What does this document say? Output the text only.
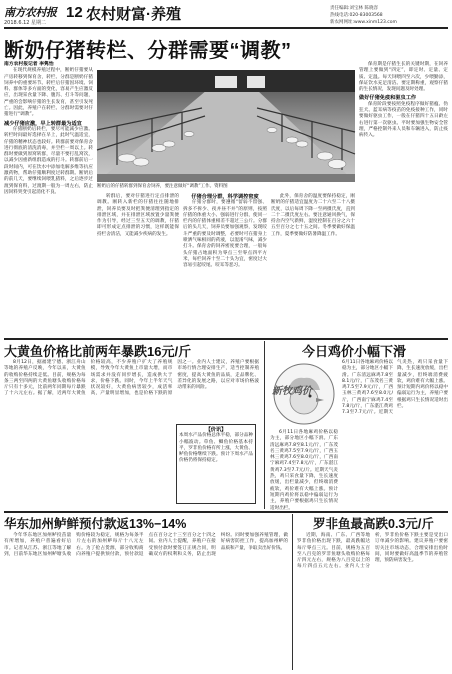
南方农村报 12 农村财富·养殖
2018.6.12 星期二
责任编辑:刘宝林 陈晓容
热线电话:020-83003568
新农网网址:www.xinm123.com
断奶仔猪转栏、分群需要“调教”
南方农村报记者 李隽怡
在现代规模养殖过程中，断奶仔猪要从产房转移到保育舍，转栏、分群是断奶仔猪饲养中的重要环节。转栏后仔猪因环境、饲料、群体等多方面的变化，容易产生应激反应，出现采食量下降、腹泻、打斗等问题，严重的会影响仔猪的生长发育，甚至引发死亡。因此，养殖户在转栏、分群时需要对仔猪进行“调教”。
减少仔猪应激，早上转群最为适宜
仔猪断奶后转栏，要尽可能减少应激。转栏时间最好选择在早上，此时气温适宜，仔猪的精神状态也较好。转群前要对保育舍进行彻底的清洗消毒，并空栏一周以上。转群时要做到原窝转群，尽量不要打乱窝次，以减少因重新组群造成的打斗。转群前后一段时间内，可在饮水中添加电解多维等抗应激药物，帮助仔猪顺利度过转群期。断奶后的前几天，要继续饲喂乳猪料，之后逐步过渡到保育料，过渡期一般为一周左右，防止因饲料突变引起消化不良。
断奶后的仔猪转群到保育舍饲养，要注意做好“调教”工作。资料图
转群后，要对仔猪进行定点排泄的调教。刚转入新栏的仔猪往往随地排泄，饲养员要及时把粪便清理到指定的排泄区域，并在排泄区域放置少量粪便作为引导，经过三至五天的调教，仔猪即可形成定点排泄的习惯，这样既能保持栏舍清洁，又能减少疾病的发生。
仔猪合理分群，科学调控密度
仔猪分群时，要遵循“留弱不留强、拆多不拆少、夜并昼不并”的原则，按照仔猪的体重大小、强弱进行分群，使同一栏内的仔猪体重相差不超过三公斤。分群后的头几天，饲养员要加强观察，发现咬斗严重的要及时调整，必要时可在猪身上喷洒气味相同的药液，以混淆气味，减少打斗。保育舍的饲养密度要合理，一般每头仔猪占地面积为零点三至零点四平方米，每栏饲养十至二十头为宜，密度过大容易引起咬尾、咬耳等恶习。
此外，保育舍的温度要保持稳定，刚断奶的仔猪适宜温度为二十六至二十八摄氏度，以后每周下降一至两摄氏度，直到二十二摄氏度左右。要注意通风换气，保持舍内空气新鲜，湿度控制在百分之六十五至百分之七十五之间。冬季要做好保温工作，夏季要做好防暑降温工作。
保育期是仔猪生长的关键时期，在饲养管理上要做到“四定”，即定时、定量、定质、定温。每天饲喂四至六次，少喂勤添，保证饮水充足清洁。要定期称重，观察仔猪的生长情况，发现问题及时处理。
做好仔猪免疫和驱虫工作
保育阶段要按照免疫程序做好猪瘟、伪狂犬、蓝耳病等疫苗的免疫接种工作，同时要做好驱虫工作，一般在仔猪四十五日龄左右进行第一次驱虫。平时要加强生物安全管理，严格控制外来人员和车辆进入，防止疫病传入。
大黄鱼价格比前两年暴跌16元/斤
8月12日，据福建宁德、浙江舟山等地的养殖户反映，今年以来，大黄鱼的收购价格持续走低。目前，规格为每条三两至四两的大黄鱼塘头收购价格每斤只有十多元，比前两年同期每斤暴跌了十六元左右。据了解，近两年大黄鱼价格较高，不少养殖户扩大了养殖规模，导致今年大黄鱼上市量大增，而市场需求并没有同步增长，造成供大于求，价格下跌。同时，今年上半年天气状况较好，大黄鱼病害较少，成活率高，产量明显增加，也是价格下跌的原因之一。业内人士建议，养殖户要根据市场行情合理安排生产，适当控制养殖密度，提高大黄鱼的品质，走品牌化、差异化的发展之路，以应对市场价格波动带来的风险。
【价讯】
本周水产品价格总体平稳，部分品种小幅波动。草鱼、鲫鱼价格基本持平，罗非鱼价格有所上涨，大黄鱼、鲈鱼价格继续下跌。预计下周水产品价格仍将保持稳定。
今日鸡价小幅下滑
新牧鸡价
6月11日各地麻鸡价格以稳为主，部分地区小幅下滑。广东清远麻鸡7.8至8.1元/斤，广东茂名三黄鸡7.5至7.9元/斤，广西玉林三黄鸡7.6至8.0元/斤，广西南宁麻鸡7.4至7.8元/斤，广东湛江黄鸡7.3至7.7元/斤。近期天气炎热，鸡只采食量下降，生长速度放缓，出栏量减少，但终端消费疲软，鸡价难有大幅上涨。预计短期内鸡价将以稳中偏弱运行为主，养殖户要根据鸡只生长情况适时出栏。
6月11日各地麻鸡价格以稳为主，部分地区小幅下滑。广东清远麻鸡7.8至8.1元/斤，广东茂名三黄鸡7.5至7.9元/斤，广西玉林三黄鸡7.6至8.0元/斤，广西南宁麻鸡7.4至7.8元/斤，广东湛江黄鸡7.3至7.7元/斤。近期天气炎热，鸡只采食量下降，生长速度放缓，出栏量减少，但终端消费疲软，鸡价难有大幅上涨。预计短期内鸡价将以稳中偏弱运行为主，养殖户要根据鸡只生长情况适时出栏。
华东加州鲈鲜预付款返13%−14%
今年华东地区加州鲈投苗量有所增加，养殖户普遍看好后市。记者从江苏、浙江等地了解到，目前华东地区加州鲈塘头收购价格较为稳定，规格为每条半斤左右的加州鲈每斤十八元左右。为了抢占货源，部分收购商向养殖户提供预付款，预付款返点在百分之十三至百分之十四之间。业内人士提醒，养殖户在接受预付款时要签订正规合同，明确双方的权利和义务，防止出现纠纷。同时要加强养殖管理，做好病害防控工作，提高加州鲈的品质和产量，争取卖出好价钱。
罗非鱼最高跌0.3元/斤
近期，海南、广东、广西等地罗非鱼价格出现下跌，最高跌幅达每斤零点三元。目前，规格为五百至八百克的罗非鱼塘头收购价格每斤四元左右，规格为八百克以上的每斤四点五元左右。业内人士分析，罗非鱼价格下跌主要是受出口订单减少的影响。建议养殖户要密切关注市场动态，合理安排出鱼时间，同时要做好高温季节的养殖管理，预防病害发生。
